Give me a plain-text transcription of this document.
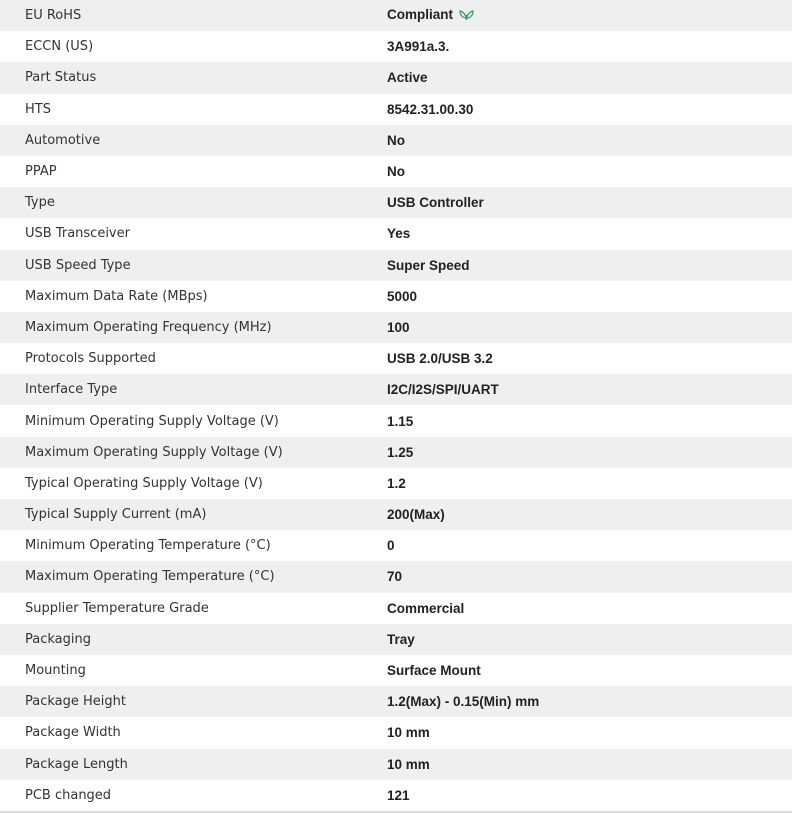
EU RoHS	Compliant
ECCN (US)	3A991a.3.
Part Status	Active
HTS	8542.31.00.30
Automotive	No
PPAP	No
Type	USB Controller
USB Transceiver	Yes
USB Speed Type	Super Speed
Maximum Data Rate (MBps)	5000
Maximum Operating Frequency (MHz)	100
Protocols Supported	USB 2.0/USB 3.2
Interface Type	I2C/I2S/SPI/UART
Minimum Operating Supply Voltage (V)	1.15
Maximum Operating Supply Voltage (V)	1.25
Typical Operating Supply Voltage (V)	1.2
Typical Supply Current (mA)	200(Max)
Minimum Operating Temperature (°C)	0
Maximum Operating Temperature (°C)	70
Supplier Temperature Grade	Commercial
Packaging	Tray
Mounting	Surface Mount
Package Height	1.2(Max) - 0.15(Min) mm
Package Width	10 mm
Package Length	10 mm
PCB changed	121
